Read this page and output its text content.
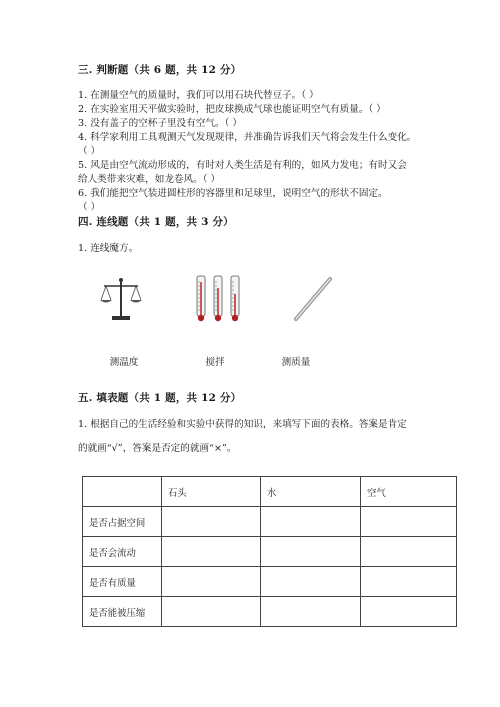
三. 判断题（共 6 题，共 12 分）
1. 在测量空气的质量时，我们可以用石块代替豆子。（ ）
2. 在实验室用天平做实验时，把皮球换成气球也能证明空气有质量。（ ）
3. 没有盖子的空杯子里没有空气。（ ）
4. 科学家利用工具观测天气发现规律，并准确告诉我们天气将会发生什么变化。
（ ）
5. 风是由空气流动形成的，有时对人类生活是有利的，如风力发电；有时又会
给人类带来灾难，如龙卷风。（ ）
6. 我们能把空气装进圆柱形的容器里和足球里，说明空气的形状不固定。
（ ）
四. 连线题（共 1 题，共 3 分）
1. 连线魔方。
测温度	搅拌	测质量
五. 填表题（共 1 题，共 12 分）
1. 根据自己的生活经验和实验中获得的知识，来填写下面的表格。答案是肯定
的就画“√”，答案是否定的就画“×”。
	石头	水	空气
是否占据空间			
是否会流动			
是否有质量			
是否能被压缩			
